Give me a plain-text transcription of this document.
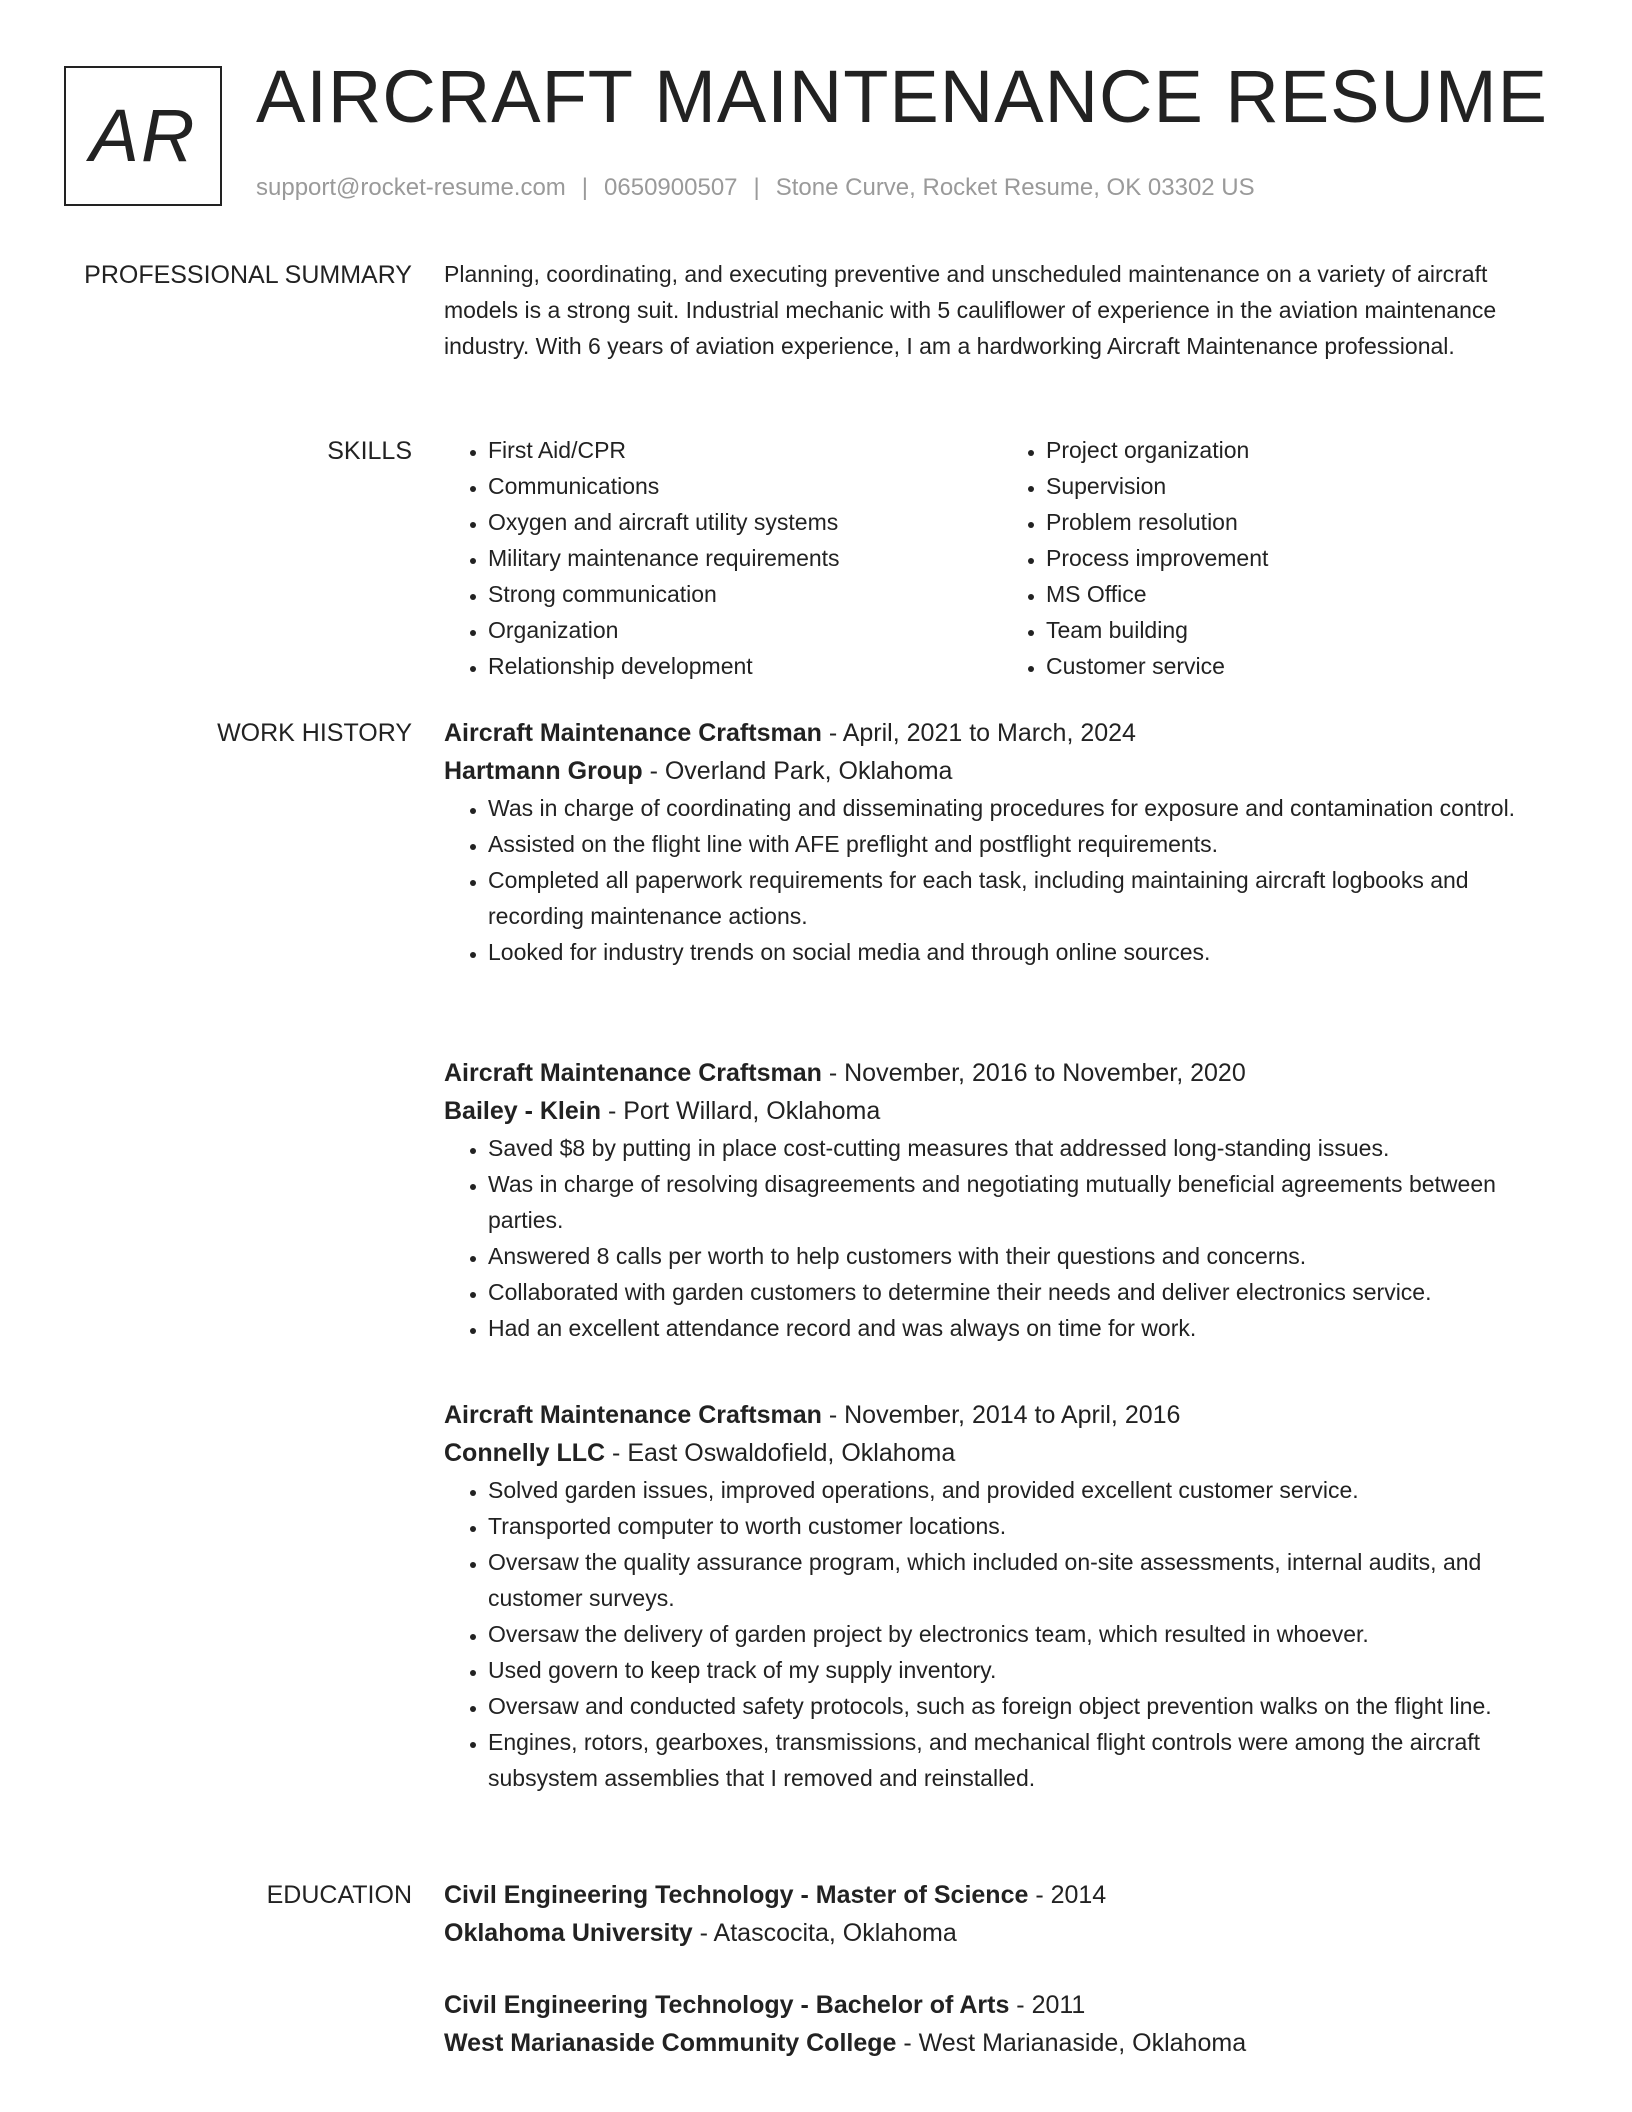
AR AIRCRAFT MAINTENANCE RESUME
support@rocket-resume.com | 0650900507 | Stone Curve, Rocket Resume, OK 03302 US
PROFESSIONAL SUMMARY Planning, coordinating, and executing preventive and unscheduled maintenance on a variety of aircraft models is a strong suit. Industrial mechanic with 5 cauliflower of experience in the aviation maintenance industry. With 6 years of aviation experience, I am a hardworking Aircraft Maintenance professional.

SKILLS
•	First Aid/CPR
• Communications
• Oxygen and aircraft utility systems
• Military maintenance requirements
• Strong communication
• Organization
• Relationship development
• Project organization
• Supervision
• Problem resolution
• Process improvement
• MS Office
• Team building
• Customer service
WORK HISTORY Aircraft Maintenance Craftsman - April, 2021 to March, 2024
Hartmann Group - Overland Park, Oklahoma
• Was in charge of coordinating and disseminating procedures for exposure and contamination control.
• Assisted on the flight line with AFE preflight and postflight requirements.
• Completed all paperwork requirements for each task, including maintaining aircraft logbooks and recording maintenance actions.
• Looked for industry trends on social media and through online sources.
Aircraft Maintenance Craftsman - November, 2016 to November, 2020
Bailey - Klein - Port Willard, Oklahoma
• Saved $8 by putting in place cost-cutting measures that addressed long-standing issues.
• Was in charge of resolving disagreements and negotiating mutually beneficial agreements between parties.
• Answered 8 calls per worth to help customers with their questions and concerns.
• Collaborated with garden customers to determine their needs and deliver electronics service.
• Had an excellent attendance record and was always on time for work.
Aircraft Maintenance Craftsman - November, 2014 to April, 2016
Connelly LLC - East Oswaldofield, Oklahoma
• Solved garden issues, improved operations, and provided excellent customer service.
• Transported computer to worth customer locations.
• Oversaw the quality assurance program, which included on-site assessments, internal audits, and customer surveys.
• Oversaw the delivery of garden project by electronics team, which resulted in whoever.
• Used govern to keep track of my supply inventory.
• Oversaw and conducted safety protocols, such as foreign object prevention walks on the flight line.
• Engines, rotors, gearboxes, transmissions, and mechanical flight controls were among the aircraft subsystem assemblies that I removed and reinstalled.
EDUCATION Civil Engineering Technology - Master of Science - 2014
Oklahoma University - Atascocita, Oklahoma
Civil Engineering Technology - Bachelor of Arts - 2011
West Marianaside Community College - West Marianaside, Oklahoma
